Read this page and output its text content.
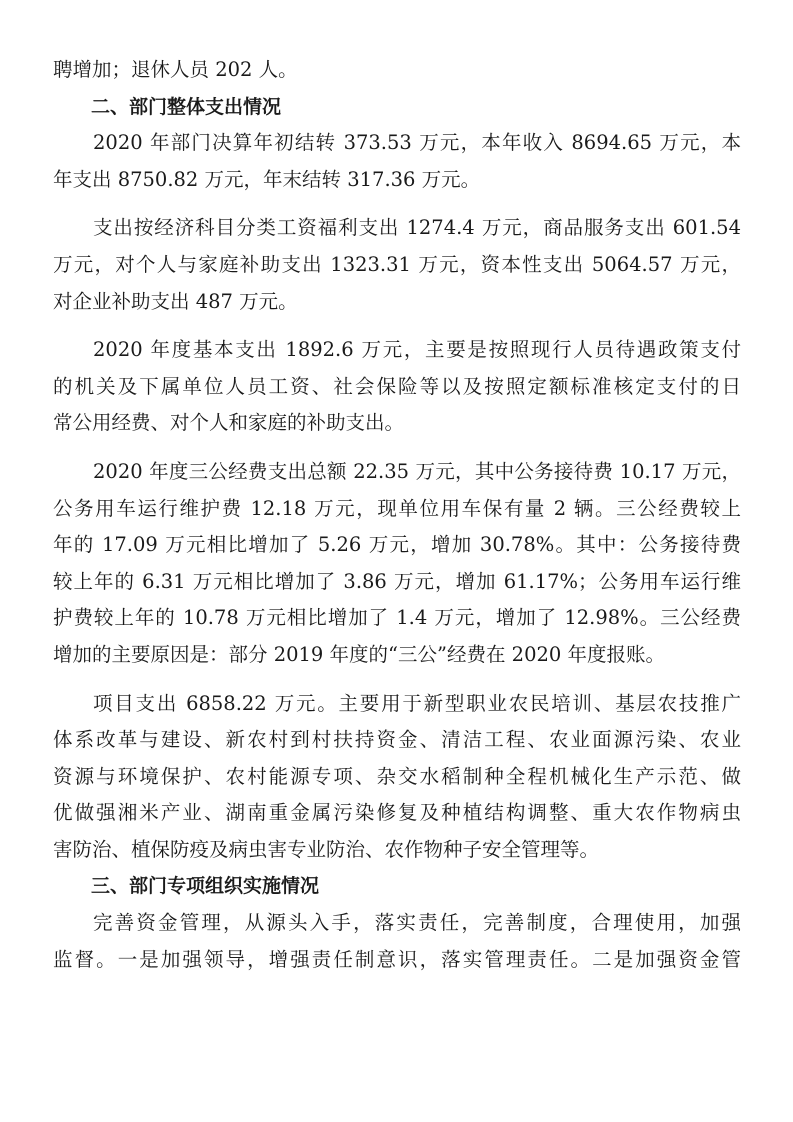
聘增加；退休人员 202 人。
二、部门整体支出情况
2020 年部门决算年初结转 373.53 万元，本年收入 8694.65 万元，本
年支出 8750.82 万元，年末结转 317.36 万元。
支出按经济科目分类工资福利支出 1274.4 万元，商品服务支出 601.54
万元，对个人与家庭补助支出 1323.31 万元，资本性支出 5064.57 万元，
对企业补助支出 487 万元。
2020 年度基本支出 1892.6 万元，主要是按照现行人员待遇政策支付
的机关及下属单位人员工资、社会保险等以及按照定额标准核定支付的日
常公用经费、对个人和家庭的补助支出。
2020 年度三公经费支出总额 22.35 万元，其中公务接待费 10.17 万元，
公务用车运行维护费 12.18 万元，现单位用车保有量 2 辆。三公经费较上
年的 17.09 万元相比增加了 5.26 万元，增加 30.78%。其中：公务接待费
较上年的 6.31 万元相比增加了 3.86 万元，增加 61.17%；公务用车运行维
护费较上年的 10.78 万元相比增加了 1.4 万元，增加了 12.98%。三公经费
增加的主要原因是：部分 2019 年度的“三公”经费在 2020 年度报账。
项目支出 6858.22 万元。主要用于新型职业农民培训、基层农技推广
体系改革与建设、新农村到村扶持资金、清洁工程、农业面源污染、农业
资源与环境保护、农村能源专项、杂交水稻制种全程机械化生产示范、做
优做强湘米产业、湖南重金属污染修复及种植结构调整、重大农作物病虫
害防治、植保防疫及病虫害专业防治、农作物种子安全管理等。
三、部门专项组织实施情况
完善资金管理，从源头入手，落实责任，完善制度，合理使用，加强
监督。一是加强领导，增强责任制意识，落实管理责任。二是加强资金管
